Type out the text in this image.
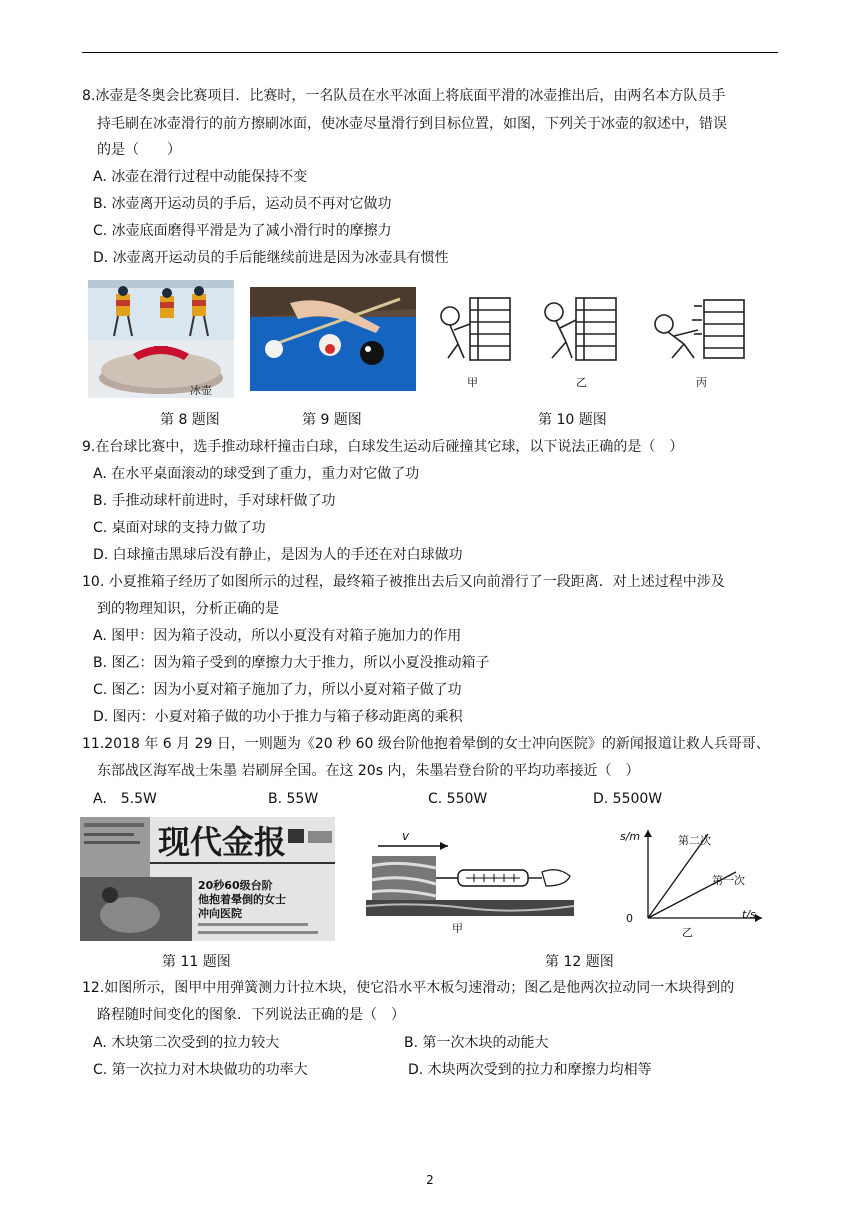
8.冰壶是冬奥会比赛项目．比赛时，一名队员在水平冰面上将底面平滑的冰壶推出后，由两名本方队员手
持毛刷在冰壶滑行的前方擦刷冰面，使冰壶尽量滑行到目标位置，如图，下列关于冰壶的叙述中，错误
的是（　　）
A. 冰壶在滑行过程中动能保持不变
B. 冰壶离开运动员的手后，运动员不再对它做功
C. 冰壶底面磨得平滑是为了减小滑行时的摩擦力
D. 冰壶离开运动员的手后能继续前进是因为冰壶具有惯性
冰壶
甲	乙	丙
第 8 题图	第 9 题图	第 10 题图
9.在台球比赛中，选手推动球杆撞击白球，白球发生运动后碰撞其它球，以下说法正确的是（　）
A. 在水平桌面滚动的球受到了重力，重力对它做了功
B. 手推动球杆前进时，手对球杆做了功
C. 桌面对球的支持力做了功
D. 白球撞击黑球后没有静止，是因为人的手还在对白球做功
10. 小夏推箱子经历了如图所示的过程，最终箱子被推出去后又向前滑行了一段距离．对上述过程中涉及
到的物理知识，分析正确的是
A. 图甲：因为箱子没动，所以小夏没有对箱子施加力的作用
B. 图乙：因为箱子受到的摩擦力大于推力，所以小夏没推动箱子
C. 图乙：因为小夏对箱子施加了力，所以小夏对箱子做了功
D. 图丙：小夏对箱子做的功小于推力与箱子移动距离的乘积
11.2018 年 6 月 29 日，一则题为《20 秒 60 级台阶他抱着晕倒的女士冲向医院》的新闻报道让救人兵哥哥、
东部战区海军战士朱墨 岩刷屏全国。在这 20s 内，朱墨岩登台阶的平均功率接近（　）
A.　5.5W	B. 55W	C. 550W	D. 5500W
现代金报
20秒60级台阶
他抱着晕倒的女士
冲向医院
v
甲
s/m
t/s
0
第二次
第一次
乙
第 11 题图	第 12 题图
12.如图所示，图甲中用弹簧测力计拉木块，使它沿水平木板匀速滑动；图乙是他两次拉动同一木块得到的
路程随时间变化的图象．下列说法正确的是（　）
A. 木块第二次受到的拉力较大	B. 第一次木块的动能大
C. 第一次拉力对木块做功的功率大	D. 木块两次受到的拉力和摩擦力均相等
2
